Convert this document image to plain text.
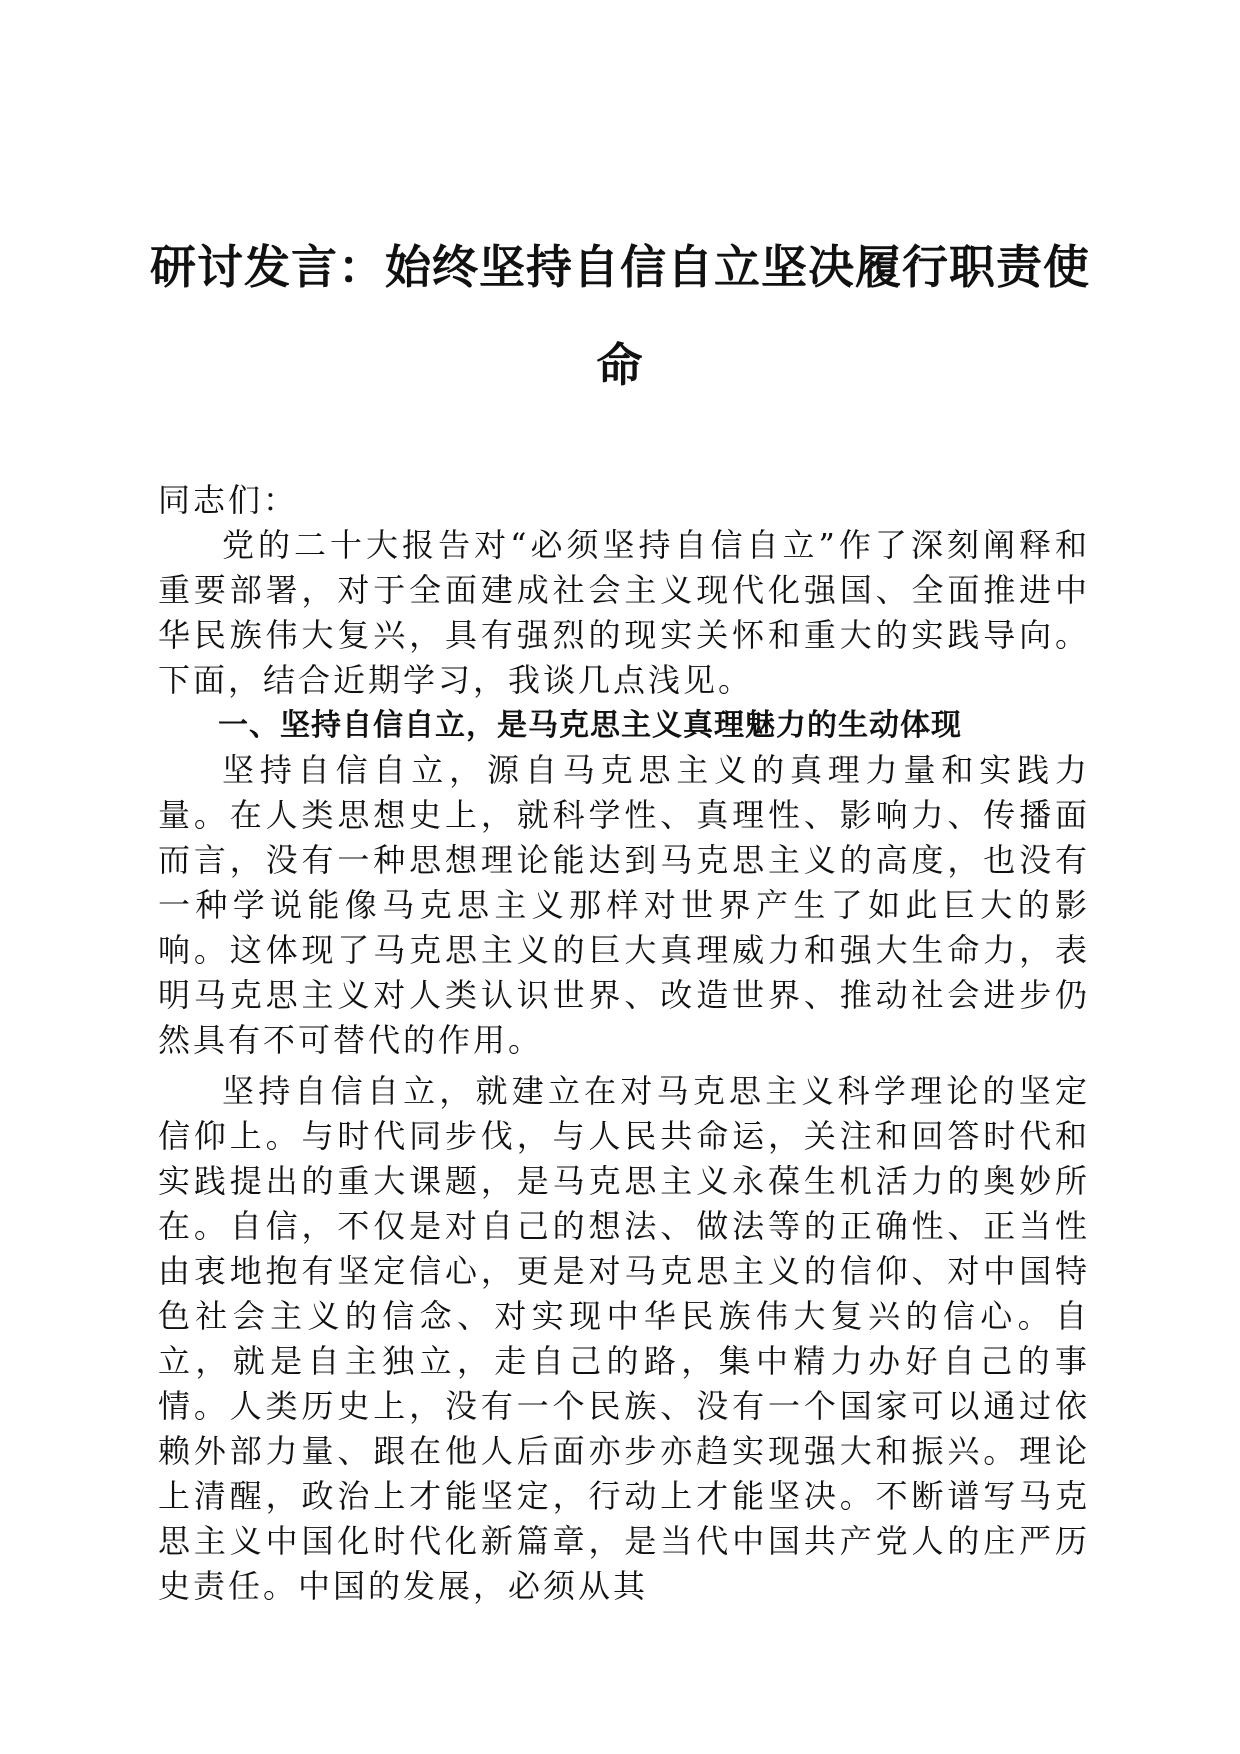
研讨发言：始终坚持自信自立坚决履行职责使命

同志们：

党的二十大报告对“必须坚持自信自立”作了深刻阐释和重要部署，对于全面建成社会主义现代化强国、全面推进中华民族伟大复兴，具有强烈的现实关怀和重大的实践导向。下面，结合近期学习，我谈几点浅见。

一、坚持自信自立，是马克思主义真理魅力的生动体现

坚持自信自立，源自马克思主义的真理力量和实践力量。在人类思想史上，就科学性、真理性、影响力、传播面而言，没有一种思想理论能达到马克思主义的高度，也没有一种学说能像马克思主义那样对世界产生了如此巨大的影响。这体现了马克思主义的巨大真理威力和强大生命力，表明马克思主义对人类认识世界、改造世界、推动社会进步仍然具有不可替代的作用。

坚持自信自立，就建立在对马克思主义科学理论的坚定信仰上。与时代同步伐，与人民共命运，关注和回答时代和实践提出的重大课题，是马克思主义永葆生机活力的奥妙所在。自信，不仅是对自己的想法、做法等的正确性、正当性由衷地抱有坚定信心，更是对马克思主义的信仰、对中国特色社会主义的信念、对实现中华民族伟大复兴的信心。自立，就是自主独立，走自己的路，集中精力办好自己的事情。人类历史上，没有一个民族、没有一个国家可以通过依赖外部力量、跟在他人后面亦步亦趋实现强大和振兴。理论上清醒，政治上才能坚定，行动上才能坚决。不断谱写马克思主义中国化时代化新篇章，是当代中国共产党人的庄严历史责任。中国的发展，必须从其
